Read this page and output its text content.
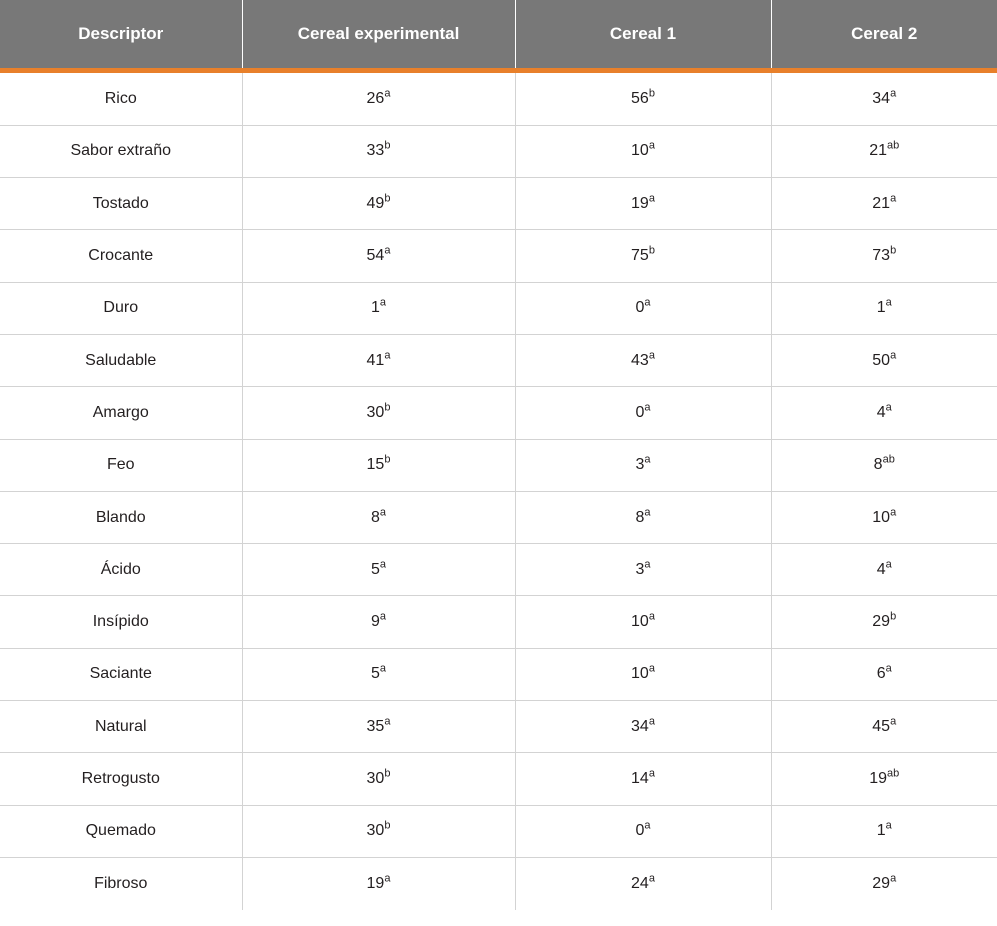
Descriptor	Cereal experimental	Cereal 1	Cereal 2

Rico	26$^a$	56$^b$	34$^a$
Sabor extraño	33$^b$	10$^a$	$21^{ab}$
Tostado	49$^b$	19$^a$	21$^a$
Crocante	54$^a$	75$^b$	73$^b$
Duro	1$^a$	0$^a$	1$^a$
Saludable	41$^a$	43$^a$	50$^a$
Amargo	30$^b$	0$^a$	4$^a$
Feo	15$^b$	3$^a$	$8^{ab}$
Blando	8$^a$	8$^a$	10$^a$
Ácido	5$^a$	3$^a$	4$^a$
Insípido	9$^a$	10$^a$	29$^b$
Saciante	5$^a$	10$^a$	6$^a$
Natural	35$^a$	34$^a$	45$^a$
Retrogusto	30$^b$	14$^a$	$19^{ab}$
Quemado	30$^b$	0$^a$	1$^a$
Fibroso	19$^a$	24$^a$	29$^a$
